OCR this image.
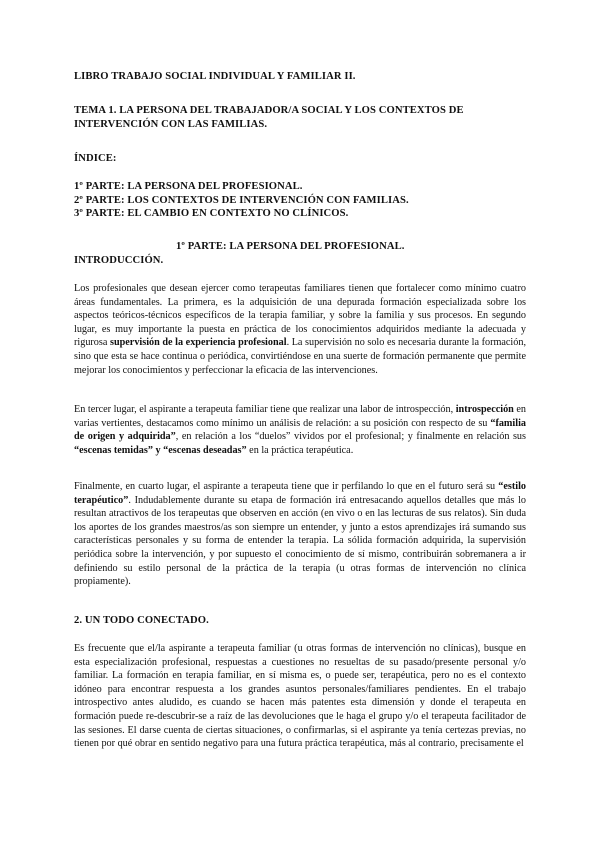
LIBRO TRABAJO SOCIAL INDIVIDUAL Y FAMILIAR II.

TEMA 1. LA PERSONA DEL TRABAJADOR/A SOCIAL Y LOS CONTEXTOS DE INTERVENCIÓN CON LAS FAMILIAS.

ÍNDICE:

1º PARTE: LA PERSONA DEL PROFESIONAL.
2º PARTE: LOS CONTEXTOS DE INTERVENCIÓN CON FAMILIAS.
3º PARTE: EL CAMBIO EN CONTEXTO NO CLÍNICOS.

1º PARTE: LA PERSONA DEL PROFESIONAL.

INTRODUCCIÓN.

Los profesionales que desean ejercer como terapeutas familiares tienen que fortalecer como mínimo cuatro áreas fundamentales. La primera, es la adquisición de una depurada formación especializada sobre los aspectos teóricos-técnicos específicos de la terapia familiar, y sobre la familia y sus procesos. En segundo lugar, es muy importante la puesta en práctica de los conocimientos adquiridos mediante la adecuada y rigurosa supervisión de la experiencia profesional. La supervisión no solo es necesaria durante la formación, sino que esta se hace continua o periódica, convirtiéndose en una suerte de formación permanente que permite mejorar los conocimientos y perfeccionar la eficacia de las intervenciones.

En tercer lugar, el aspirante a terapeuta familiar tiene que realizar una labor de introspección, introspección en varias vertientes, destacamos como mínimo un análisis de relación: a su posición con respecto de su “familia de origen y adquirida”, en relación a los “duelos” vividos por el profesional; y finalmente en relación sus “escenas temidas” y “escenas deseadas” en la práctica terapéutica.

Finalmente, en cuarto lugar, el aspirante a terapeuta tiene que ir perfilando lo que en el futuro será su “estilo terapéutico”. Indudablemente durante su etapa de formación irá entresacando aquellos detalles que más lo resultan atractivos de los terapeutas que observen en acción (en vivo o en las lecturas de sus relatos). Sin duda los aportes de los grandes maestros/as son siempre un entender, y junto a estos aprendizajes irá sumando sus características personales y su forma de entender la terapia. La sólida formación adquirida, la supervisión periódica sobre la intervención, y por supuesto el conocimiento de sí mismo, contribuirán sobremanera a ir definiendo su estilo personal de la práctica de la terapia (u otras formas de intervención no clínica propiamente).

2. UN TODO CONECTADO.

Es frecuente que el/la aspirante a terapeuta familiar (u otras formas de intervención no clínicas), busque en esta especialización profesional, respuestas a cuestiones no resueltas de su pasado/presente personal y/o familiar. La formación en terapia familiar, en sí misma es, o puede ser, terapéutica, pero no es el contexto idóneo para encontrar respuesta a los grandes asuntos personales/familiares pendientes. En el trabajo introspectivo antes aludido, es cuando se hacen más patentes esta dimensión y donde el terapeuta en formación puede re-descubrir-se a raíz de las devoluciones que le haga el grupo y/o el terapeuta facilitador de las sesiones. El darse cuenta de ciertas situaciones, o confirmarlas, si el aspirante ya tenía certezas previas, no tienen por qué obrar en sentido negativo para una futura práctica terapéutica, más al contrario, precisamente el
